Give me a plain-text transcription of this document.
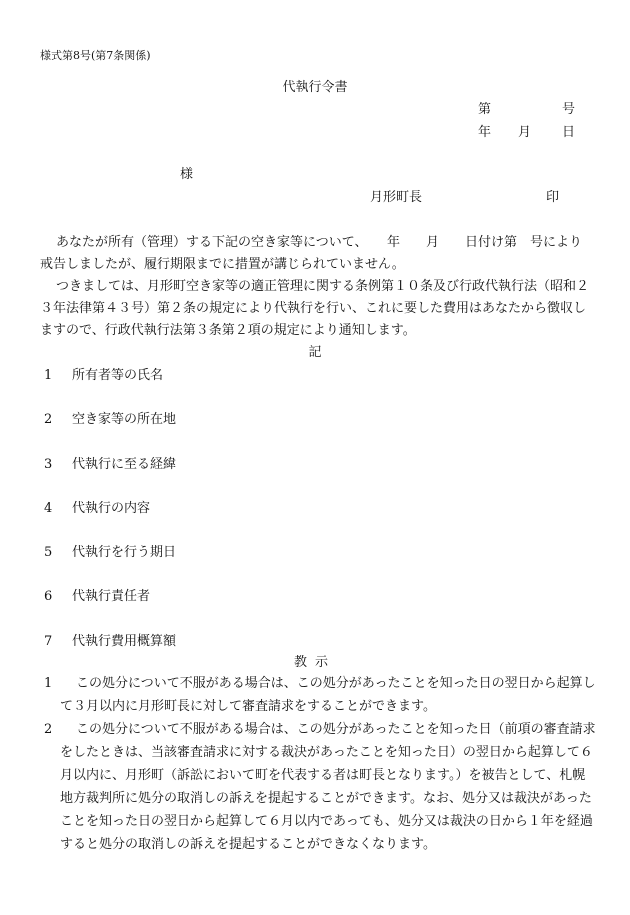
様式第8号(第7条関係)
代執行令書
第	号
年 月 日
様
月形町長	印
あなたが所有（管理）する下記の空き家等について、　　年　　月　　日付け第　号により戒告しましたが、履行期限までに措置が講じられていません。
つきましては、月形町空き家等の適正管理に関する条例第１０条及び行政代執行法（昭和２３年法律第４３号）第２条の規定により代執行を行い、これに要した費用はあなたから徴収しますので、行政代執行法第３条第２項の規定により通知します。
記
1 所有者等の氏名
2 空き家等の所在地
3 代執行に至る経緯
4 代執行の内容
5 代執行を行う期日
6 代執行責任者
7 代執行費用概算額
教示
1	この処分について不服がある場合は、この処分があったことを知った日の翌日から起算して３月以内に月形町長に対して審査請求をすることができます。
2	この処分について不服がある場合は、この処分があったことを知った日（前項の審査請求をしたときは、当該審査請求に対する裁決があったことを知った日）の翌日から起算して６月以内に、月形町（訴訟において町を代表する者は町長となります。）を被告として、札幌地方裁判所に処分の取消しの訴えを提起することができます。なお、処分又は裁決があったことを知った日の翌日から起算して６月以内であっても、処分又は裁決の日から１年を経過すると処分の取消しの訴えを提起することができなくなります。
